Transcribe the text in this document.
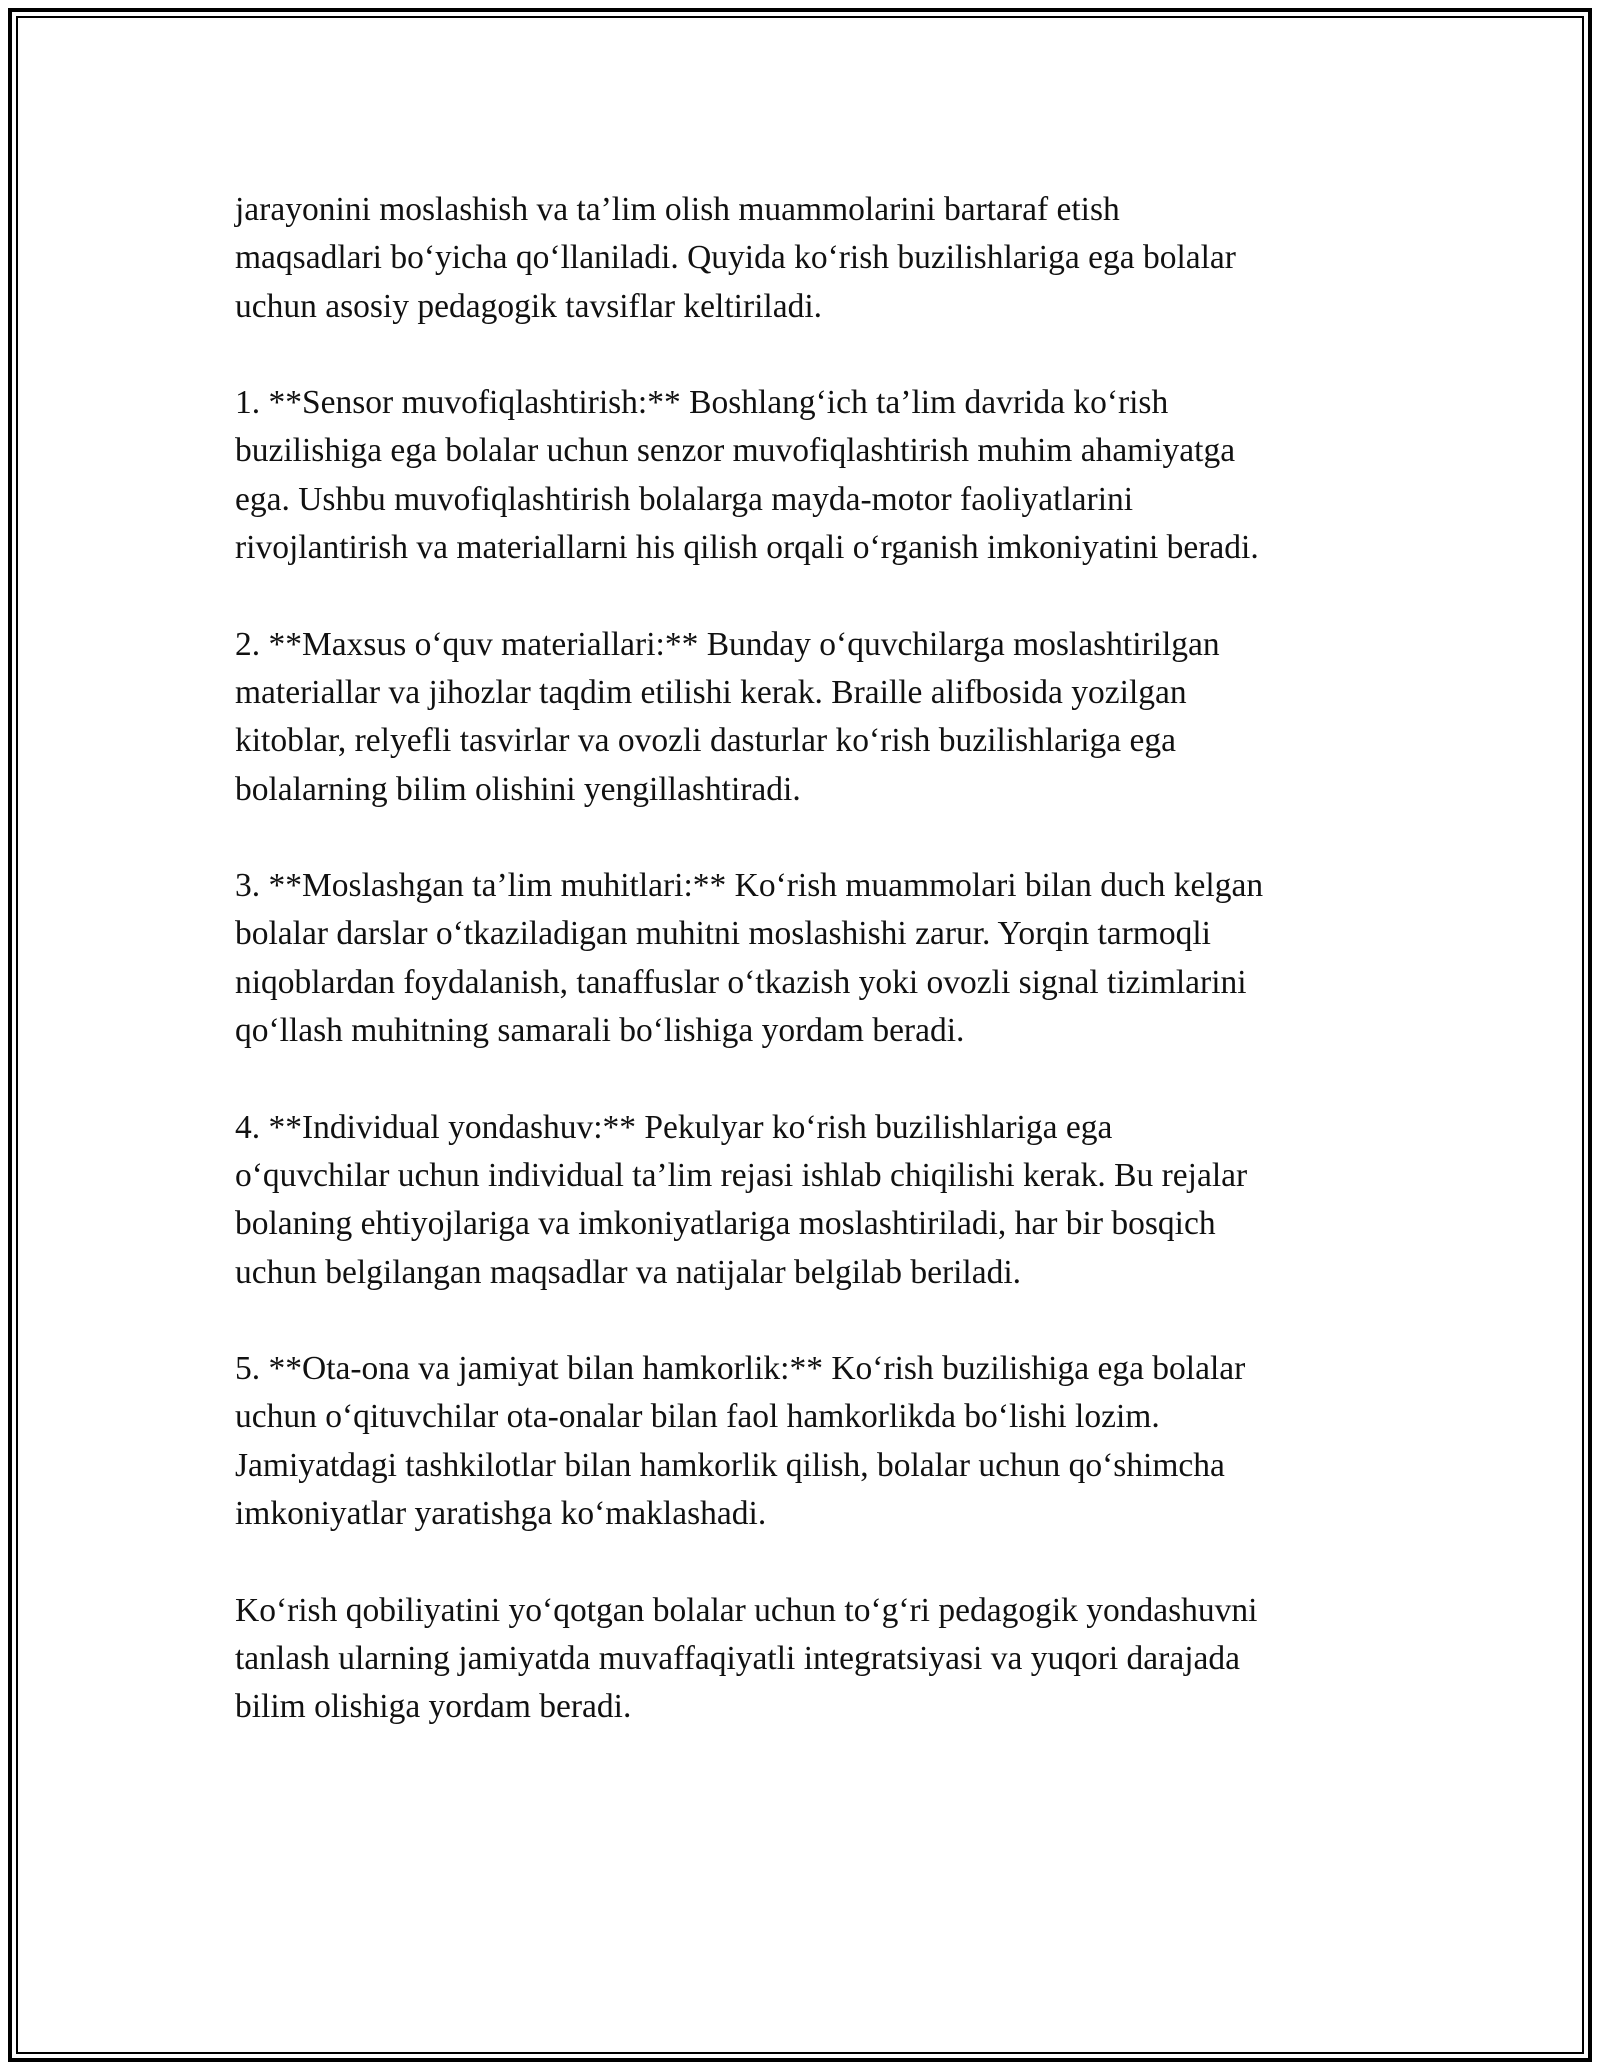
jarayonini moslashish va ta’lim olish muammolarini bartaraf etish
maqsadlari bo‘yicha qo‘llaniladi. Quyida ko‘rish buzilishlariga ega bolalar
uchun asosiy pedagogik tavsiflar keltiriladi.

1. **Sensor muvofiqlashtirish:** Boshlang‘ich ta’lim davrida ko‘rish
buzilishiga ega bolalar uchun senzor muvofiqlashtirish muhim ahamiyatga
ega. Ushbu muvofiqlashtirish bolalarga mayda-motor faoliyatlarini
rivojlantirish va materiallarni his qilish orqali o‘rganish imkoniyatini beradi.

2. **Maxsus o‘quv materiallari:** Bunday o‘quvchilarga moslashtirilgan
materiallar va jihozlar taqdim etilishi kerak. Braille alifbosida yozilgan
kitoblar, relyefli tasvirlar va ovozli dasturlar ko‘rish buzilishlariga ega
bolalarning bilim olishini yengillashtiradi.

3. **Moslashgan ta’lim muhitlari:** Ko‘rish muammolari bilan duch kelgan
bolalar darslar o‘tkaziladigan muhitni moslashishi zarur. Yorqin tarmoqli
niqoblardan foydalanish, tanaffuslar o‘tkazish yoki ovozli signal tizimlarini
qo‘llash muhitning samarali bo‘lishiga yordam beradi.

4. **Individual yondashuv:** Pekulyar ko‘rish buzilishlariga ega
o‘quvchilar uchun individual ta’lim rejasi ishlab chiqilishi kerak. Bu rejalar
bolaning ehtiyojlariga va imkoniyatlariga moslashtiriladi, har bir bosqich
uchun belgilangan maqsadlar va natijalar belgilab beriladi.

5. **Ota-ona va jamiyat bilan hamkorlik:** Ko‘rish buzilishiga ega bolalar
uchun o‘qituvchilar ota-onalar bilan faol hamkorlikda bo‘lishi lozim.
Jamiyatdagi tashkilotlar bilan hamkorlik qilish, bolalar uchun qo‘shimcha
imkoniyatlar yaratishga ko‘maklashadi.

Ko‘rish qobiliyatini yo‘qotgan bolalar uchun to‘g‘ri pedagogik yondashuvni
tanlash ularning jamiyatda muvaffaqiyatli integratsiyasi va yuqori darajada
bilim olishiga yordam beradi.
